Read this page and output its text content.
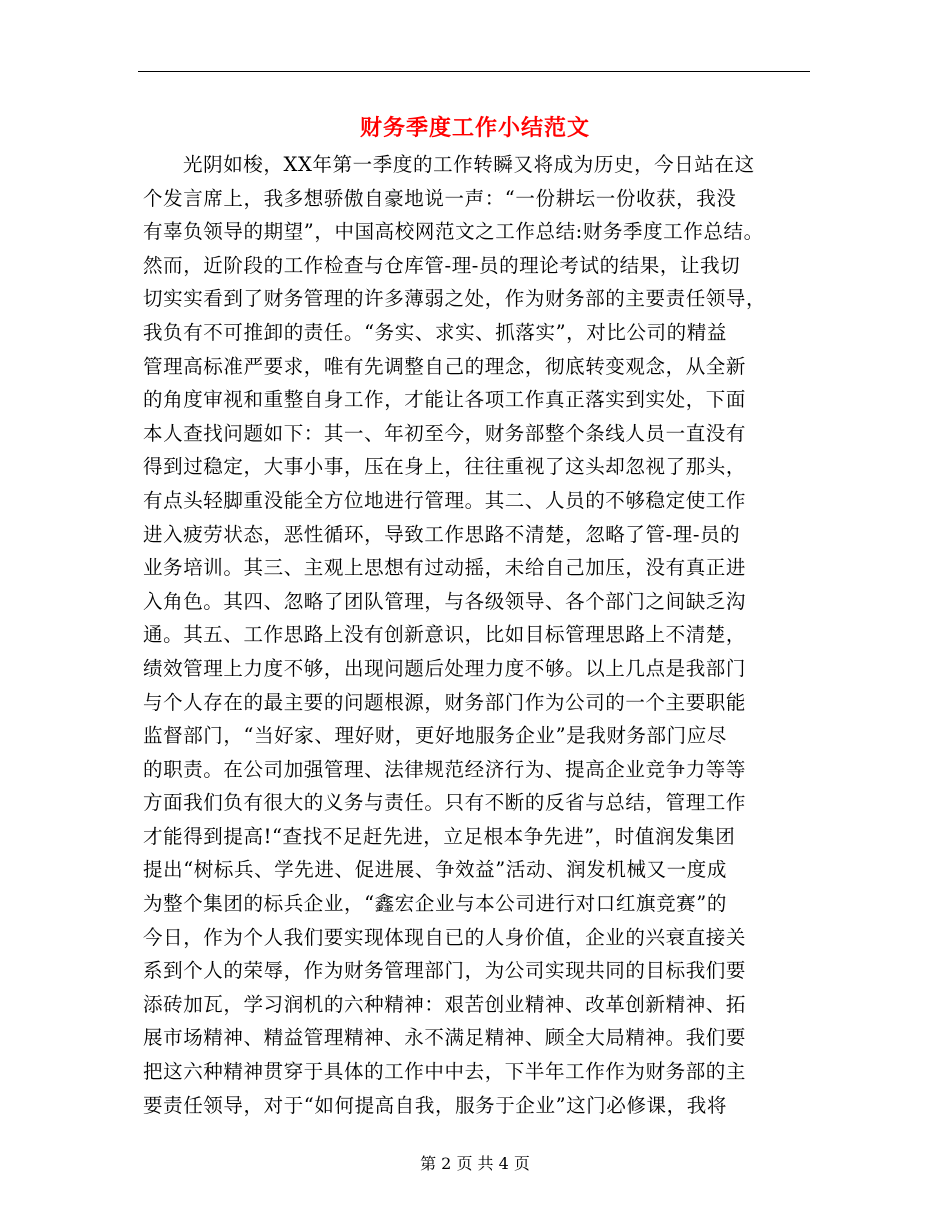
财务季度工作小结范文
光阴如梭，XX年第一季度的工作转瞬又将成为历史，今日站在这
个发言席上，我多想骄傲自豪地说一声：“一份耕坛一份收获，我没
有辜负领导的期望”，中国高校网范文之工作总结:财务季度工作总结。
然而，近阶段的工作检查与仓库管-理-员的理论考试的结果，让我切
切实实看到了财务管理的许多薄弱之处，作为财务部的主要责任领导，
我负有不可推卸的责任。“务实、求实、抓落实”，对比公司的精益
管理高标准严要求，唯有先调整自己的理念，彻底转变观念，从全新
的角度审视和重整自身工作，才能让各项工作真正落实到实处，下面
本人查找问题如下：其一、年初至今，财务部整个条线人员一直没有
得到过稳定，大事小事，压在身上，往往重视了这头却忽视了那头，
有点头轻脚重没能全方位地进行管理。其二、人员的不够稳定使工作
进入疲劳状态，恶性循环，导致工作思路不清楚，忽略了管-理-员的
业务培训。其三、主观上思想有过动摇，未给自己加压，没有真正进
入角色。其四、忽略了团队管理，与各级领导、各个部门之间缺乏沟
通。其五、工作思路上没有创新意识，比如目标管理思路上不清楚，
绩效管理上力度不够，出现问题后处理力度不够。以上几点是我部门
与个人存在的最主要的问题根源，财务部门作为公司的一个主要职能
监督部门，“当好家、理好财，更好地服务企业”是我财务部门应尽
的职责。在公司加强管理、法律规范经济行为、提高企业竞争力等等
方面我们负有很大的义务与责任。只有不断的反省与总结，管理工作
才能得到提高!“查找不足赶先进，立足根本争先进”，时值润发集团
提出“树标兵、学先进、促进展、争效益”活动、润发机械又一度成
为整个集团的标兵企业，“鑫宏企业与本公司进行对口红旗竞赛”的
今日，作为个人我们要实现体现自已的人身价值，企业的兴衰直接关
系到个人的荣辱，作为财务管理部门，为公司实现共同的目标我们要
添砖加瓦，学习润机的六种精神：艰苦创业精神、改革创新精神、拓
展市场精神、精益管理精神、永不满足精神、顾全大局精神。我们要
把这六种精神贯穿于具体的工作中中去，下半年工作作为财务部的主
要责任领导，对于“如何提高自我，服务于企业”这门必修课，我将
第 2 页 共 4 页
